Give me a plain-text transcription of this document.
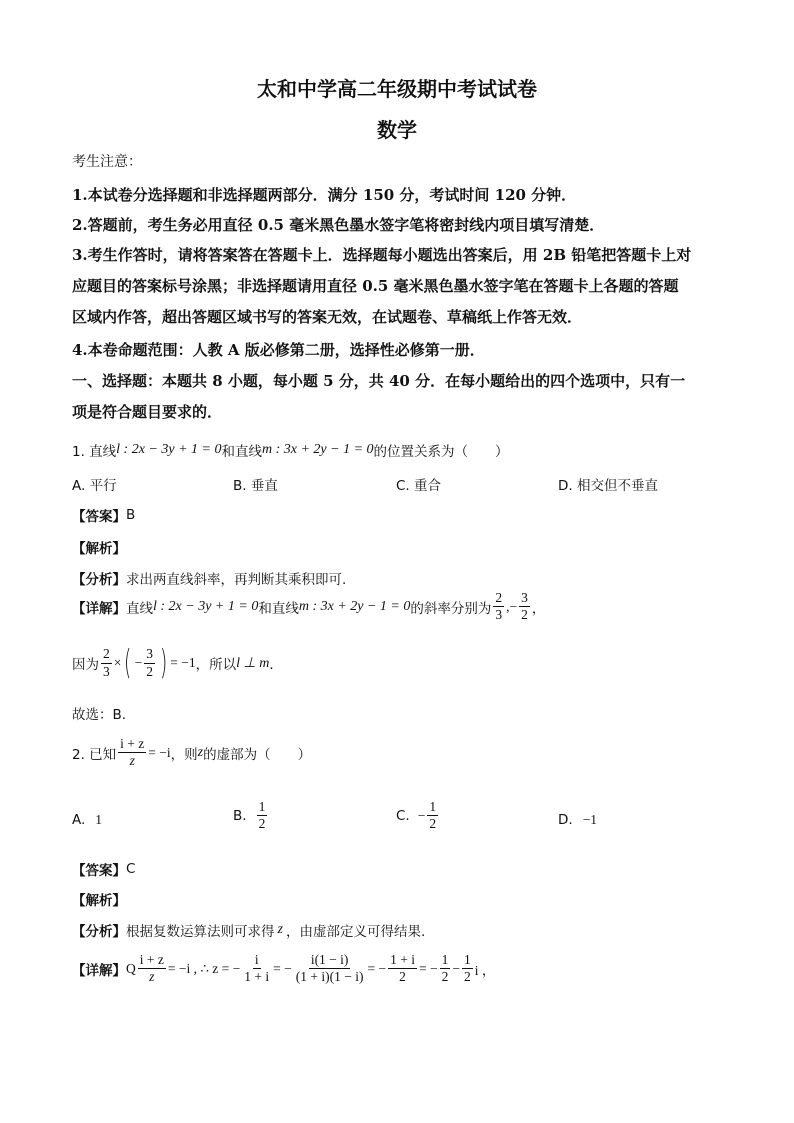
太和中学高二年级期中考试试卷
数学
考生注意：
1.本试卷分选择题和非选择题两部分．满分 150 分，考试时间 120 分钟．
2.答题前，考生务必用直径 0.5 毫米黑色墨水签字笔将密封线内项目填写清楚．
3.考生作答时，请将答案答在答题卡上．选择题每小题选出答案后，用 2B 铅笔把答题卡上对
应题目的答案标号涂黑；非选择题请用直径 0.5 毫米黑色墨水签字笔在答题卡上各题的答题
区域内作答，超出答题区域书写的答案无效，在试题卷、草稿纸上作答无效．
4.本卷命题范围：人教 A 版必修第二册，选择性必修第一册．
一、选择题：本题共 8 小题，每小题 5 分，共 40 分．在每小题给出的四个选项中，只有一
项是符合题目要求的．
1. 直线 l : 2x − 3y + 1 = 0 和直线 m : 3x + 2y − 1 = 0 的位置关系为（　　）
A. 平行	B. 垂直	C. 重合	D. 相交但不垂直
【答案】 B
【解析】
【分析】 求出两直线斜率，再判断其乘积即可.
【详解】 直线 l : 2x − 3y + 1 = 0 和直线 m : 3x + 2y − 1 = 0 的斜率分别为 $\frac{2}{3}$ ,− $\frac{3}{2}$ ，
因为 $\frac{2}{3}$ × ( − $\frac{3}{2}$ ) = −1 ，所以 l ⊥ m ．
故选：B.
2. 已知 $\frac{i + z}{z} = -i$ ，则 z 的虚部为（　　）
A. 1	B. $\frac{1}{2}$	C. − $\frac{1}{2}$	D. −1
【答案】 C
【解析】
【分析】 根据复数运算法则可求得 z ，由虚部定义可得结果.
【详解】 Q $\frac{i + z}{z} = -i$ , ∴ z = − $\frac{i}{1 + i}$ = − $\frac{i(1 - i)}{(1 + i)(1 - i)}$ = − $\frac{1 + i}{2}$ = − $\frac{1}{2} - \frac{1}{2}$ i ，
